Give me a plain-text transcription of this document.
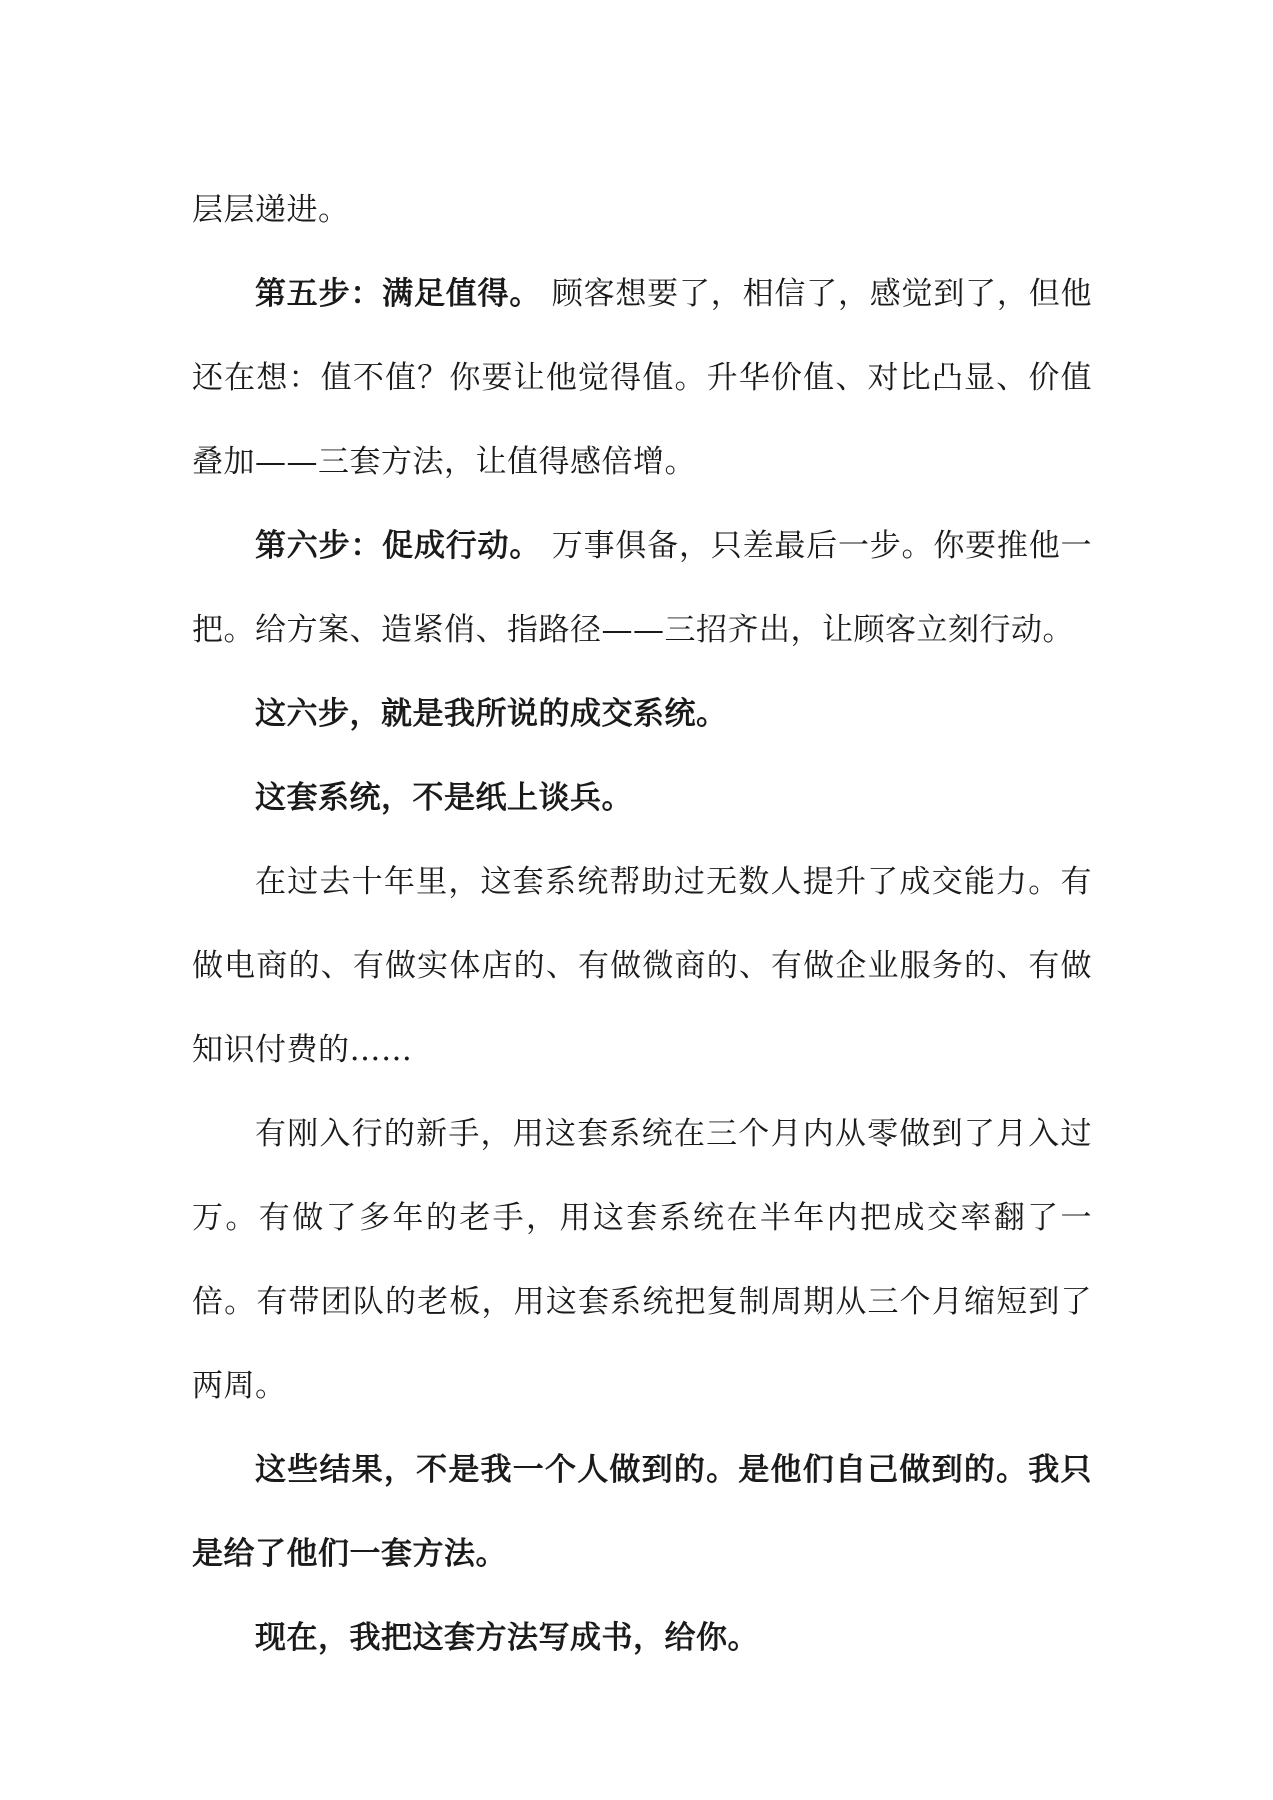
层层递进。

第五步：满足值得。 顾客想要了，相信了，感觉到了，但他还在想：值不值？你要让他觉得值。升华价值、对比凸显、价值叠加——三套方法，让值得感倍增。

第六步：促成行动。 万事俱备，只差最后一步。你要推他一把。给方案、造紧俏、指路径——三招齐出，让顾客立刻行动。

这六步，就是我所说的成交系统。

这套系统，不是纸上谈兵。

在过去十年里，这套系统帮助过无数人提升了成交能力。有做电商的、有做实体店的、有做微商的、有做企业服务的、有做知识付费的……

有刚入行的新手，用这套系统在三个月内从零做到了月入过万。有做了多年的老手，用这套系统在半年内把成交率翻了一倍。有带团队的老板，用这套系统把复制周期从三个月缩短到了两周。

这些结果，不是我一个人做到的。是他们自己做到的。我只是给了他们一套方法。

现在，我把这套方法写成书，给你。
